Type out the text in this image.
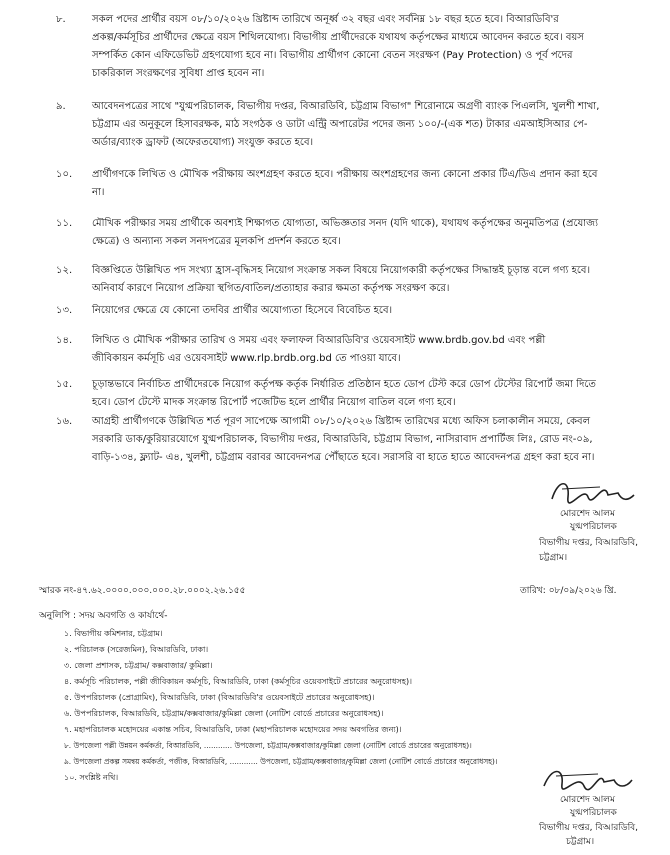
৮.	সকল পদের প্রার্থীর বয়স ০৮/১০/২০২৬ খ্রিষ্টাব্দ তারিখে অনূর্ধ্ব ৩২ বছর এবং সর্বনিম্ন ১৮ বছর হতে হবে। বিআরডিবি'র
প্রকল্প/কর্মসূচির প্রার্থীদের ক্ষেত্রে বয়স শিথিলযোগ্য। বিভাগীয় প্রার্থীদেরকে যথাযথ কর্তৃপক্ষের মাধ্যমে আবেদন করতে হবে। বয়স
সম্পর্কিত কোন এফিডেভিট গ্রহণযোগ্য হবে না। বিভাগীয় প্রার্থীগণ কোনো বেতন সংরক্ষণ (Pay Protection) ও পূর্ব পদের
চাকরিকাল সংরক্ষণের সুবিধা প্রাপ্ত হবেন না।
৯.	আবেদনপত্রের সাথে "যুগ্মপরিচালক, বিভাগীয় দপ্তর, বিআরডিবি, চট্টগ্রাম বিভাগ" শিরোনামে অগ্রণী ব্যাংক পিএলসি, খুলশী শাখা,
চট্টগ্রাম এর অনুকূলে হিসাবরক্ষক, মাঠ সংগঠক ও ডাটা এন্ট্রি অপারেটর পদের জন্য ১০০/-(এক শত) টাকার এমআইসিআর পে-
অর্ডার/ব্যাংক ড্রাফট (অফেরতযোগ্য) সংযুক্ত করতে হবে।
১০. প্রার্থীগণকে লিখিত ও মৌখিক পরীক্ষায় অংশগ্রহণ করতে হবে। পরীক্ষায় অংশগ্রহণের জন্য কোনো প্রকার টিএ/ডিএ প্রদান করা হবে
না।
১১. মৌখিক পরীক্ষার সময় প্রার্থীকে অবশ্যই শিক্ষাগত যোগ্যতা, অভিজ্ঞতার সনদ (যদি থাকে), যথাযথ কর্তৃপক্ষের অনুমতিপত্র (প্রযোজ্য
ক্ষেত্রে) ও অন্যান্য সকল সনদপত্রের মূলকপি প্রদর্শন করতে হবে।
১২. বিজ্ঞপ্তিতে উল্লিখিত পদ সংখ্যা হ্রাস-বৃদ্ধিসহ নিয়োগ সংক্রান্ত সকল বিষয়ে নিয়োগকারী কর্তৃপক্ষের সিদ্ধান্তই চূড়ান্ত বলে গণ্য হবে।
অনিবার্য কারণে নিয়োগ প্রক্রিয়া স্থগিত/বাতিল/প্রত্যাহার করার ক্ষমতা কর্তৃপক্ষ সংরক্ষণ করে।
১৩. নিয়োগের ক্ষেত্রে যে কোনো তদবির প্রার্থীর অযোগ্যতা হিসেবে বিবেচিত হবে।
১৪. লিখিত ও মৌখিক পরীক্ষার তারিখ ও সময় এবং ফলাফল বিআরডিবি'র ওয়েবসাইট www.brdb.gov.bd এবং পল্লী
জীবিকায়ন কর্মসূচি এর ওয়েবসাইট www.rlp.brdb.org.bd তে পাওয়া যাবে।
১৫. চূড়ান্তভাবে নির্বাচিত প্রার্থীদেরকে নিয়োগ কর্তৃপক্ষ কর্তৃক নির্ধারিত প্রতিষ্ঠান হতে ডোপ টেস্ট করে ডোপ টেস্টের রিপোর্ট জমা দিতে
হবে। ডোপ টেস্টে মাদক সংক্রান্ত রিপোর্ট পজেটিভ হলে প্রার্থীর নিয়োগ বাতিল বলে গণ্য হবে।
১৬. আগ্রহী প্রার্থীগণকে উল্লিখিত শর্ত পূরণ সাপেক্ষে আগামী ০৮/১০/২০২৬ খ্রিষ্টাব্দ তারিখের মধ্যে অফিস চলাকালীন সময়ে, কেবল
সরকারি ডাক/কুরিয়ারযোগে যুগ্মপরিচালক, বিভাগীয় দপ্তর, বিআরডিবি, চট্টগ্রাম বিভাগ, নাসিরাবাদ প্রপার্টিজ লিঃ, রোড নং-০৯,
বাড়ি-১৩৪, ফ্ল্যাট- এ৪, খুলশী, চট্টগ্রাম বরাবর আবেদনপত্র পৌঁছাতে হবে। সরাসরি বা হাতে হাতে আবেদনপত্র গ্রহণ করা হবে না।
মোরশেদ আলম
যুগ্মপরিচালক
বিভাগীয় দপ্তর, বিআরডিবি,
চট্টগ্রাম।
স্মারক নং-৪৭.৬২.০০০০.০০০.০০০.২৮.০০০২.২৬.১৫৫	তারিখ: ০৮/০৯/২০২৬ খ্রি.
অনুলিপি : সদয় অবগতি ও কার্যার্থে-
১. বিভাগীয় কমিশনার, চট্টগ্রাম।
২. পরিচালক (সরেজমিন), বিআরডিবি, ঢাকা।
৩. জেলা প্রশাসক, চট্টগ্রাম/ কক্সবাজার/ কুমিল্লা।
৪. কর্মসূচি পরিচালক, পল্লী জীবিকায়ন কর্মসূচি, বিআরডিবি, ঢাকা (কর্মসূচির ওয়েবসাইটে প্রচারের অনুরোধসহ)।
৫. উপপরিচালক (প্রোগ্রামিং), বিআরডিবি, ঢাকা (বিআরডিবি'র ওয়েবসাইটে প্রচারের অনুরোধসহ)।
৬. উপপরিচালক, বিআরডিবি, চট্টগ্রাম/কক্সবাজার/কুমিল্লা জেলা (নোটিশ বোর্ডে প্রচারের অনুরোধসহ)।
৭. মহাপরিচালক মহোদয়ের একান্ত সচিব, বিআরডিবি, ঢাকা (মহাপরিচালক মহোদয়ের সদয় অবগতির জন্য)।
৮. উপজেলা পল্লী উন্নয়ন কর্মকর্তা, বিআরডিবি, ............ উপজেলা, চট্টগ্রাম/কক্সবাজার/কুমিল্লা জেলা (নোটিশ বোর্ডে প্রচারের অনুরোধসহ)।
৯. উপজেলা প্রকল্প সমন্বয় কর্মকর্তা, পজীক, বিআরডিবি, ............ উপজেলা, চট্টগ্রাম/কক্সবাজার/কুমিল্লা জেলা (নোটিশ বোর্ডে প্রচারের অনুরোধসহ)।
১০. সংশ্লিষ্ট নথি।
মোরশেদ আলম
যুগ্মপরিচালক
বিভাগীয় দপ্তর, বিআরডিবি,
চট্টগ্রাম।
